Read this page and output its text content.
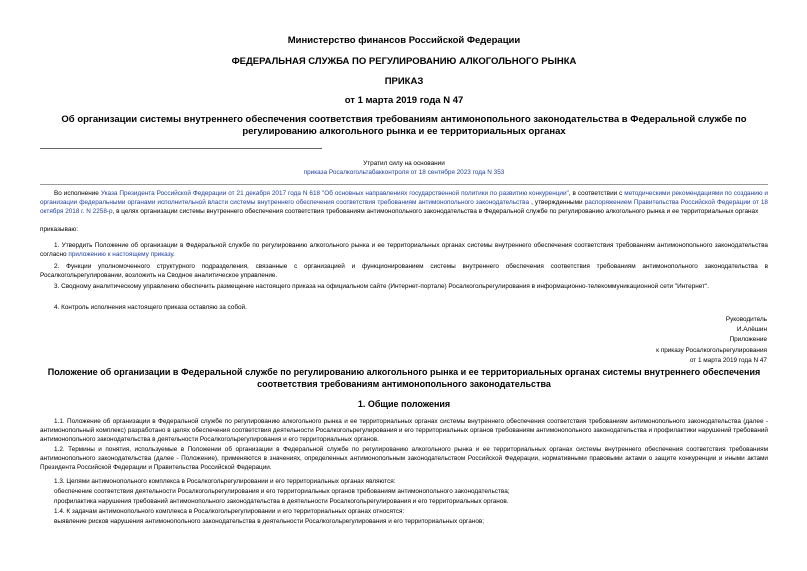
Министерство финансов Российской Федерации

ФЕДЕРАЛЬНАЯ СЛУЖБА ПО РЕГУЛИРОВАНИЮ АЛКОГОЛЬНОГО РЫНКА

ПРИКАЗ

от 1 марта 2019 года N 47

Об организации системы внутреннего обеспечения соответствия требованиям антимонопольного законодательства в Федеральной службе по регулированию алкогольного рынка и ее территориальных органах

Утратил силу на основании
приказа Росалкогольтабакконтроля от 18 сентября 2023 года N 353

Во исполнение Указа Президента Российской Федерации от 21 декабря 2017 года N 618 "Об основных направлениях государственной политики по развитию конкуренции", в соответствии с методическими рекомендациями по созданию и организации федеральными органами исполнительной власти системы внутреннего обеспечения соответствия требованиям антимонопольного законодательства , утвержденными распоряжением Правительства Российской Федерации от 18 октября 2018 г. N 2258-р, в целях организации системы внутреннего обеспечения соответствия требованиям антимонопольного законодательства в Федеральной службе по регулированию алкогольного рынка и ее территориальных органах

приказываю:

1. Утвердить Положение об организации в Федеральной службе по регулированию алкогольного рынка и ее территориальных органах системы внутреннего обеспечения соответствия требованиям антимонопольного законодательства согласно приложению к настоящему приказу.

2. Функции уполномоченного структурного подразделения, связанные с организацией и функционированием системы внутреннего обеспечения соответствия требованиям антимонопольного законодательства в Росалкогольрегулировании, возложить на Сводное аналитическое управление.

3. Сводному аналитическому управлению обеспечить размещение настоящего приказа на официальном сайте (Интернет-портале) Росалкогольрегулирования в информационно-телекоммуникационной сети "Интернет".

4. Контроль исполнения настоящего приказа оставляю за собой.

Руководитель
И.Алёшин
Приложение
к приказу Росалкогольрегулирования
от 1 марта 2019 года N 47

Положение об организации в Федеральной службе по регулированию алкогольного рынка и ее территориальных органах системы внутреннего обеспечения соответствия требованиям антимонопольного законодательства

1. Общие положения

1.1. Положение об организации в Федеральной службе по регулированию алкогольного рынка и ее территориальных органах системы внутреннего обеспечения соответствия требованиям антимонопольного законодательства (далее - антимонопольный комплекс) разработано в целях обеспечения соответствия деятельности Росалкогольрегулирования и его территориальных органов требованиям антимонопольного законодательства и профилактики нарушений требований антимонопольного законодательства в деятельности Росалкогольрегулирования и его территориальных органов.

1.2. Термины и понятия, используемые в Положении об организации в Федеральной службе по регулированию алкогольного рынка и ее территориальных органах системы внутреннего обеспечения соответствия требованиям антимонопольного законодательства (далее - Положение), применяются в значениях, определенных антимонопольным законодательством Российской Федерации, нормативными правовыми актами о защите конкуренции и иными актами Президента Российской Федерации и Правительства Российской Федерации.

1.3. Целями антимонопольного комплекса в Росалкогольрегулировании и его территориальных органах являются:

обеспечение соответствия деятельности Росалкогольрегулирования и его территориальных органов требованиям антимонопольного законодательства;

профилактика нарушения требований антимонопольного законодательства в деятельности Росалкогольрегулирования и его территориальных органов.

1.4. К задачам антимонопольного комплекса в Росалкогольрегулировании и его территориальных органах относятся:

выявление рисков нарушения антимонопольного законодательства в деятельности Росалкогольрегулирования и его территориальных органов;
